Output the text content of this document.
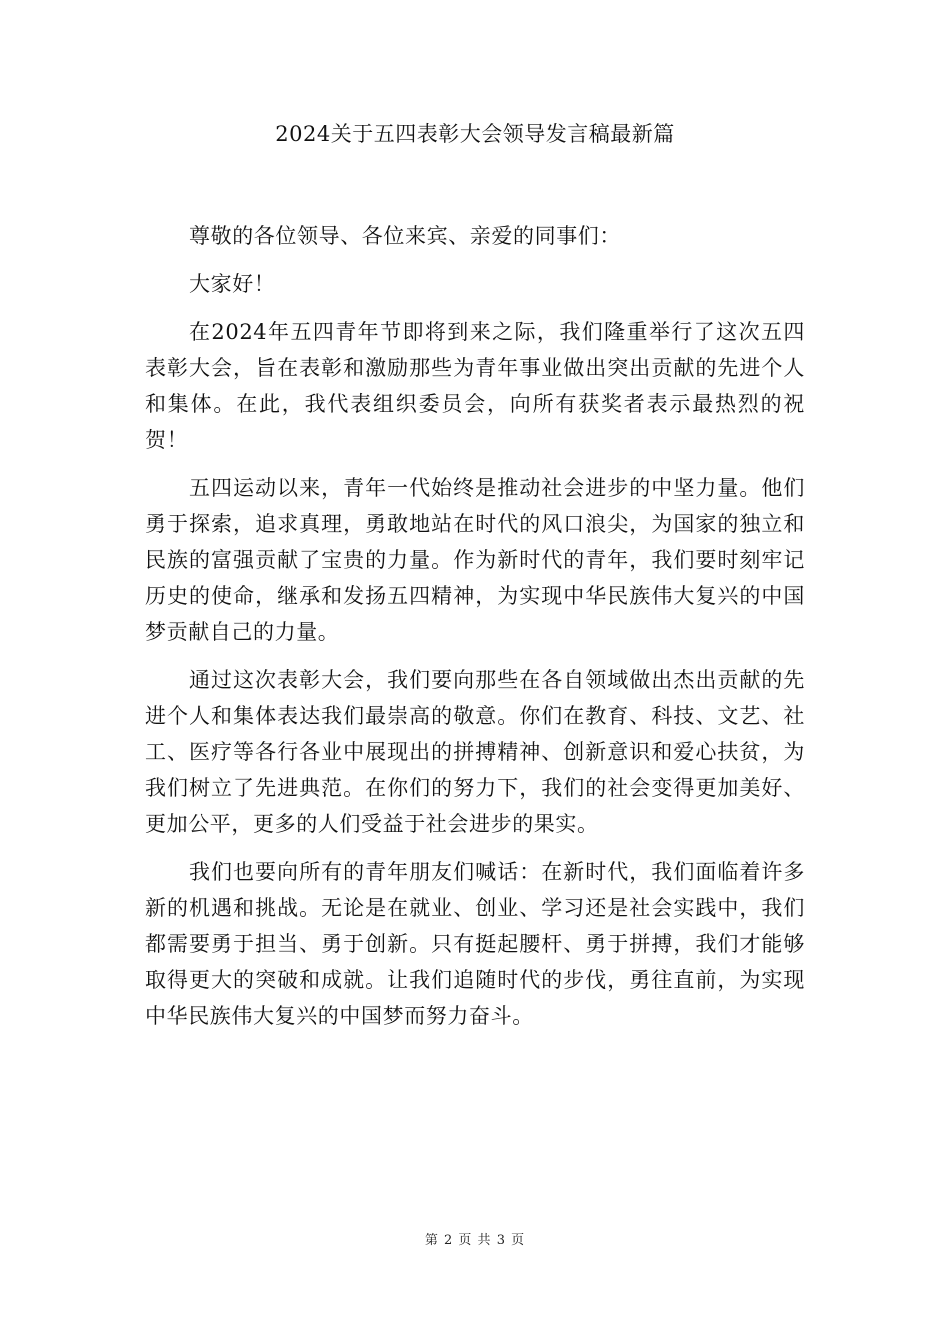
2024关于五四表彰大会领导发言稿最新篇

尊敬的各位领导、各位来宾、亲爱的同事们：

大家好！

在2024年五四青年节即将到来之际，我们隆重举行了这次五四表彰大会，旨在表彰和激励那些为青年事业做出突出贡献的先进个人和集体。在此，我代表组织委员会，向所有获奖者表示最热烈的祝贺！

五四运动以来，青年一代始终是推动社会进步的中坚力量。他们勇于探索，追求真理，勇敢地站在时代的风口浪尖，为国家的独立和民族的富强贡献了宝贵的力量。作为新时代的青年，我们要时刻牢记历史的使命，继承和发扬五四精神，为实现中华民族伟大复兴的中国梦贡献自己的力量。

通过这次表彰大会，我们要向那些在各自领域做出杰出贡献的先进个人和集体表达我们最崇高的敬意。你们在教育、科技、文艺、社工、医疗等各行各业中展现出的拼搏精神、创新意识和爱心扶贫，为我们树立了先进典范。在你们的努力下，我们的社会变得更加美好、更加公平，更多的人们受益于社会进步的果实。

我们也要向所有的青年朋友们喊话：在新时代，我们面临着许多新的机遇和挑战。无论是在就业、创业、学习还是社会实践中，我们都需要勇于担当、勇于创新。只有挺起腰杆、勇于拼搏，我们才能够取得更大的突破和成就。让我们追随时代的步伐，勇往直前，为实现中华民族伟大复兴的中国梦而努力奋斗。

第 2 页 共 3 页
